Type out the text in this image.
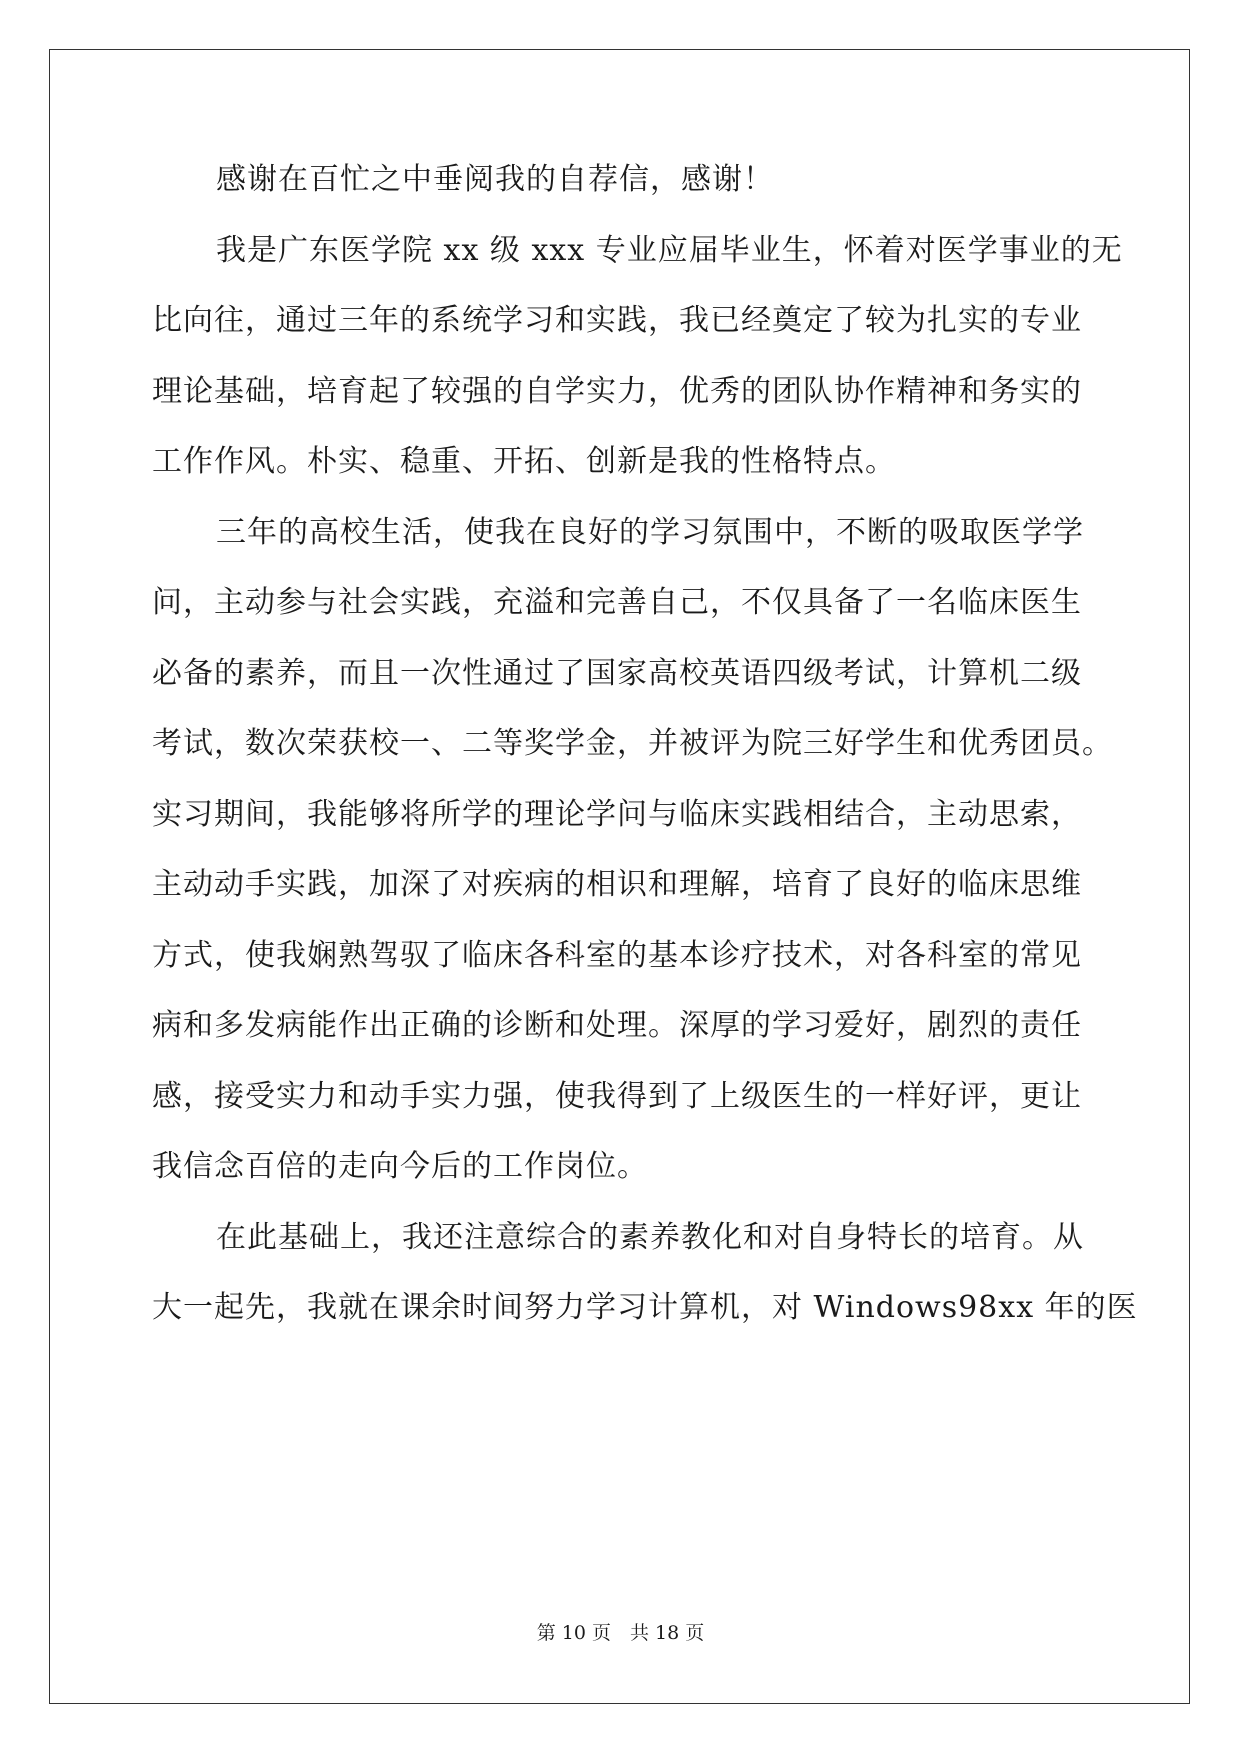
感谢在百忙之中垂阅我的自荐信，感谢！
我是广东医学院 xx 级 xxx 专业应届毕业生，怀着对医学事业的无
比向往，通过三年的系统学习和实践，我已经奠定了较为扎实的专业
理论基础，培育起了较强的自学实力，优秀的团队协作精神和务实的
工作作风。朴实、稳重、开拓、创新是我的性格特点。
三年的高校生活，使我在良好的学习氛围中，不断的吸取医学学
问，主动参与社会实践，充溢和完善自己，不仅具备了一名临床医生
必备的素养，而且一次性通过了国家高校英语四级考试，计算机二级
考试，数次荣获校一、二等奖学金，并被评为院三好学生和优秀团员。
实习期间，我能够将所学的理论学问与临床实践相结合，主动思索，
主动动手实践，加深了对疾病的相识和理解，培育了良好的临床思维
方式，使我娴熟驾驭了临床各科室的基本诊疗技术，对各科室的常见
病和多发病能作出正确的诊断和处理。深厚的学习爱好，剧烈的责任
感，接受实力和动手实力强，使我得到了上级医生的一样好评，更让
我信念百倍的走向今后的工作岗位。
在此基础上，我还注意综合的素养教化和对自身特长的培育。从
大一起先，我就在课余时间努力学习计算机，对 Windows98xx 年的医
第 10 页　共 18 页
